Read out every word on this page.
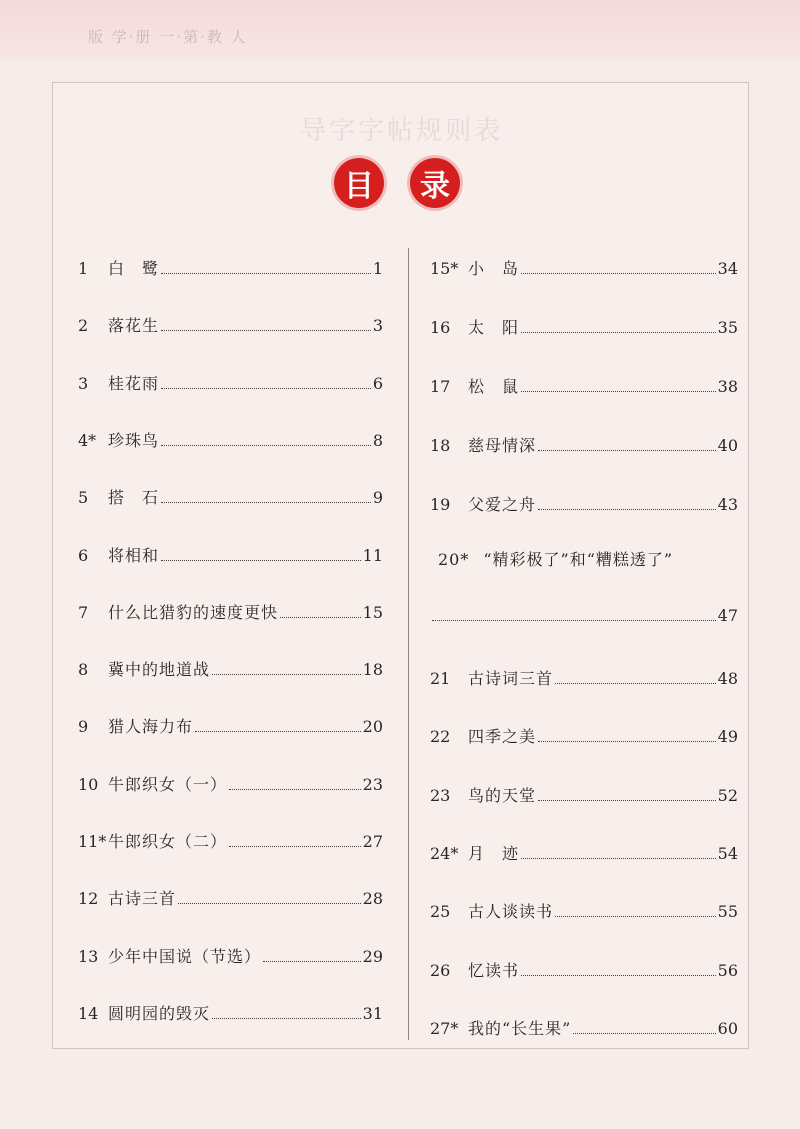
版 学·册 一·第·教 人
导字字帖规则表
目	录
1	白　鹭	1
2	落花生	3
3	桂花雨	6
4* 珍珠鸟	8
5	搭　石	9
6	将相和	11
7	什么比猎豹的速度更快	15
8	冀中的地道战	18
9	猎人海力布	20
10 牛郎织女（一）	23
11* 牛郎织女（二）	27
12 古诗三首	28
13 少年中国说（节选）	29
14 圆明园的毁灭	31
15* 小　岛	34
16	太　阳	35
17	松　鼠	38
18	慈母情深	40
19	父爱之舟	43
20* “精彩极了”和“糟糕透了”
47
21	古诗词三首	48
22	四季之美	49
23	鸟的天堂	52
24* 月　迹	54
25	古人谈读书	55
26	忆读书	56
27* 我的“长生果”	60
